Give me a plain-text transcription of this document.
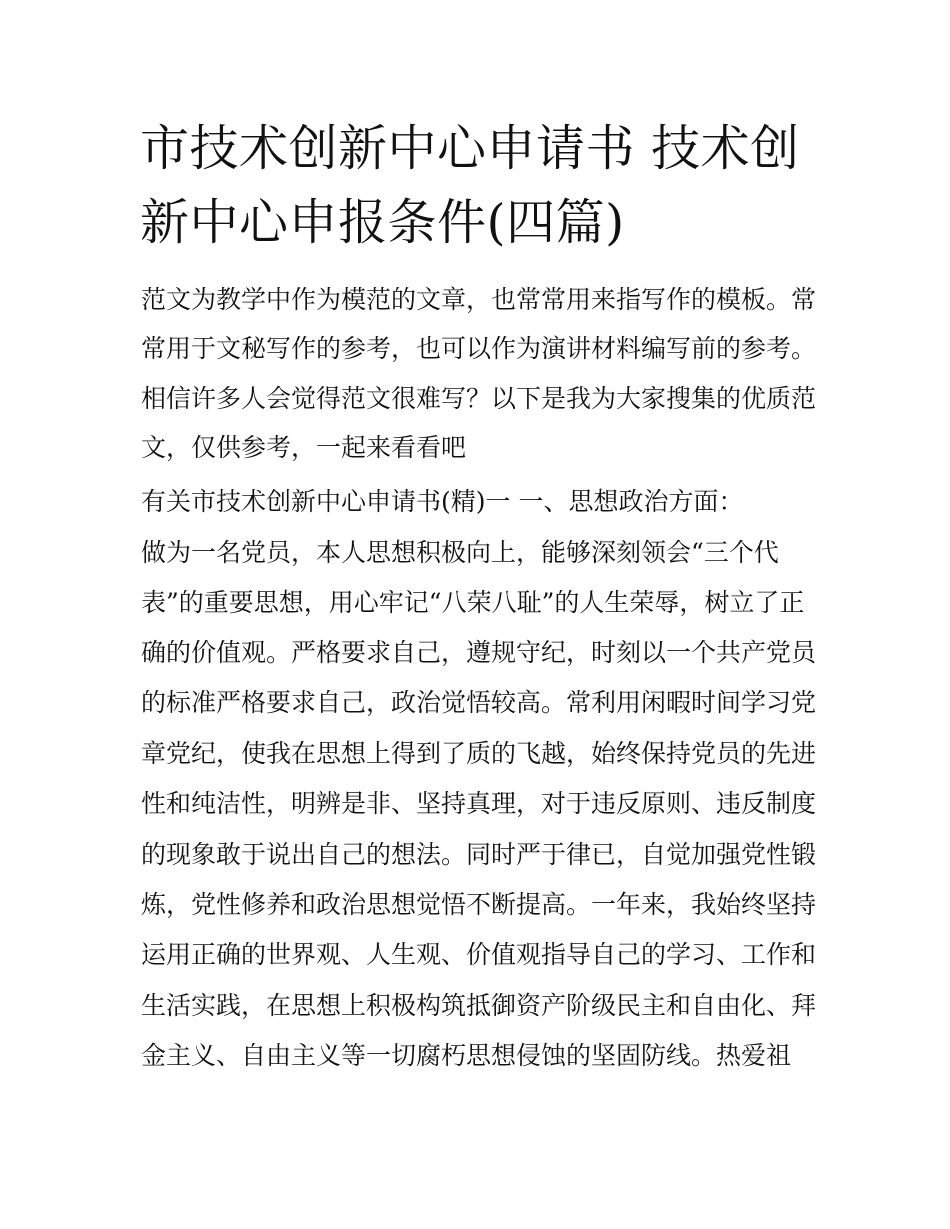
市技术创新中心申请书 技术创
新中心申报条件(四篇)

范文为教学中作为模范的文章，也常常用来指写作的模板。常

常用于文秘写作的参考，也可以作为演讲材料编写前的参考。

相信许多人会觉得范文很难写？以下是我为大家搜集的优质范

文，仅供参考，一起来看看吧

有关市技术创新中心申请书(精)一 一、思想政治方面：

做为一名党员，本人思想积极向上，能够深刻领会“三个代

表”的重要思想，用心牢记“八荣八耻”的人生荣辱，树立了正

确的价值观。严格要求自己，遵规守纪，时刻以一个共产党员

的标准严格要求自己，政治觉悟较高。常利用闲暇时间学习党

章党纪，使我在思想上得到了质的飞越，始终保持党员的先进

性和纯洁性，明辨是非、坚持真理，对于违反原则、违反制度

的现象敢于说出自己的想法。同时严于律已，自觉加强党性锻

炼，党性修养和政治思想觉悟不断提高。一年来，我始终坚持

运用正确的世界观、人生观、价值观指导自己的学习、工作和

生活实践，在思想上积极构筑抵御资产阶级民主和自由化、拜

金主义、自由主义等一切腐朽思想侵蚀的坚固防线。热爱祖
